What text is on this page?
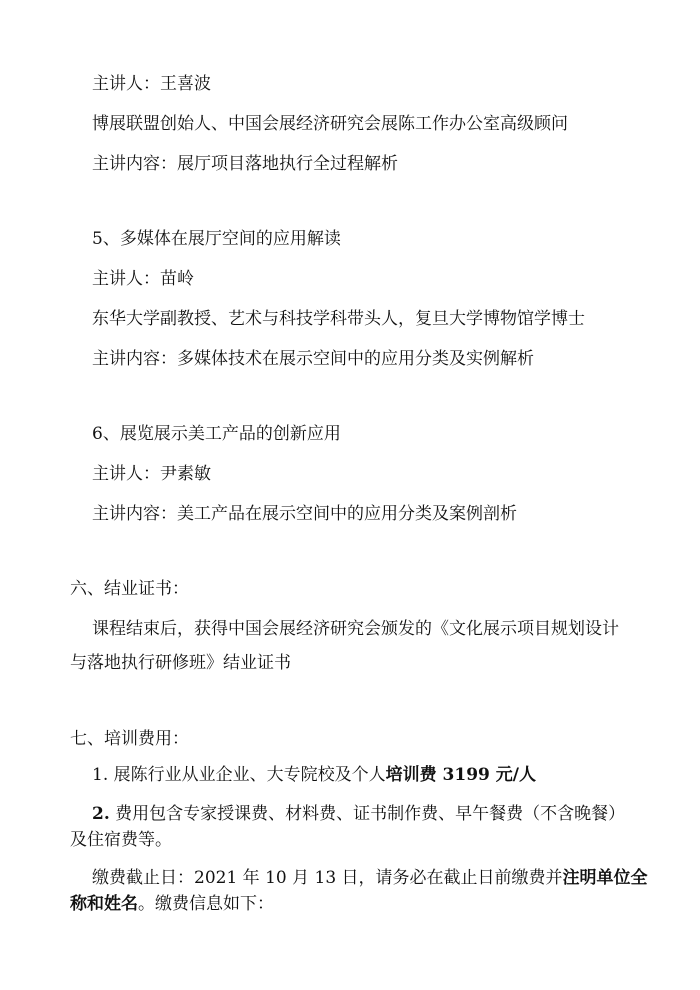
主讲人：王喜波
博展联盟创始人、中国会展经济研究会展陈工作办公室高级顾问
主讲内容：展厅项目落地执行全过程解析
5、多媒体在展厅空间的应用解读
主讲人：苗岭
东华大学副教授、艺术与科技学科带头人，复旦大学博物馆学博士
主讲内容：多媒体技术在展示空间中的应用分类及实例解析
6、展览展示美工产品的创新应用
主讲人：尹素敏
主讲内容：美工产品在展示空间中的应用分类及案例剖析
六、结业证书：
课程结束后，获得中国会展经济研究会颁发的《文化展示项目规划设计
与落地执行研修班》结业证书
七、培训费用：
1. 展陈行业从业企业、大专院校及个人培训费 3199 元/人
2. 费用包含专家授课费、材料费、证书制作费、早午餐费（不含晚餐）
及住宿费等。
缴费截止日：2021 年 10 月 13 日，请务必在截止日前缴费并注明单位全
称和姓名。缴费信息如下：
